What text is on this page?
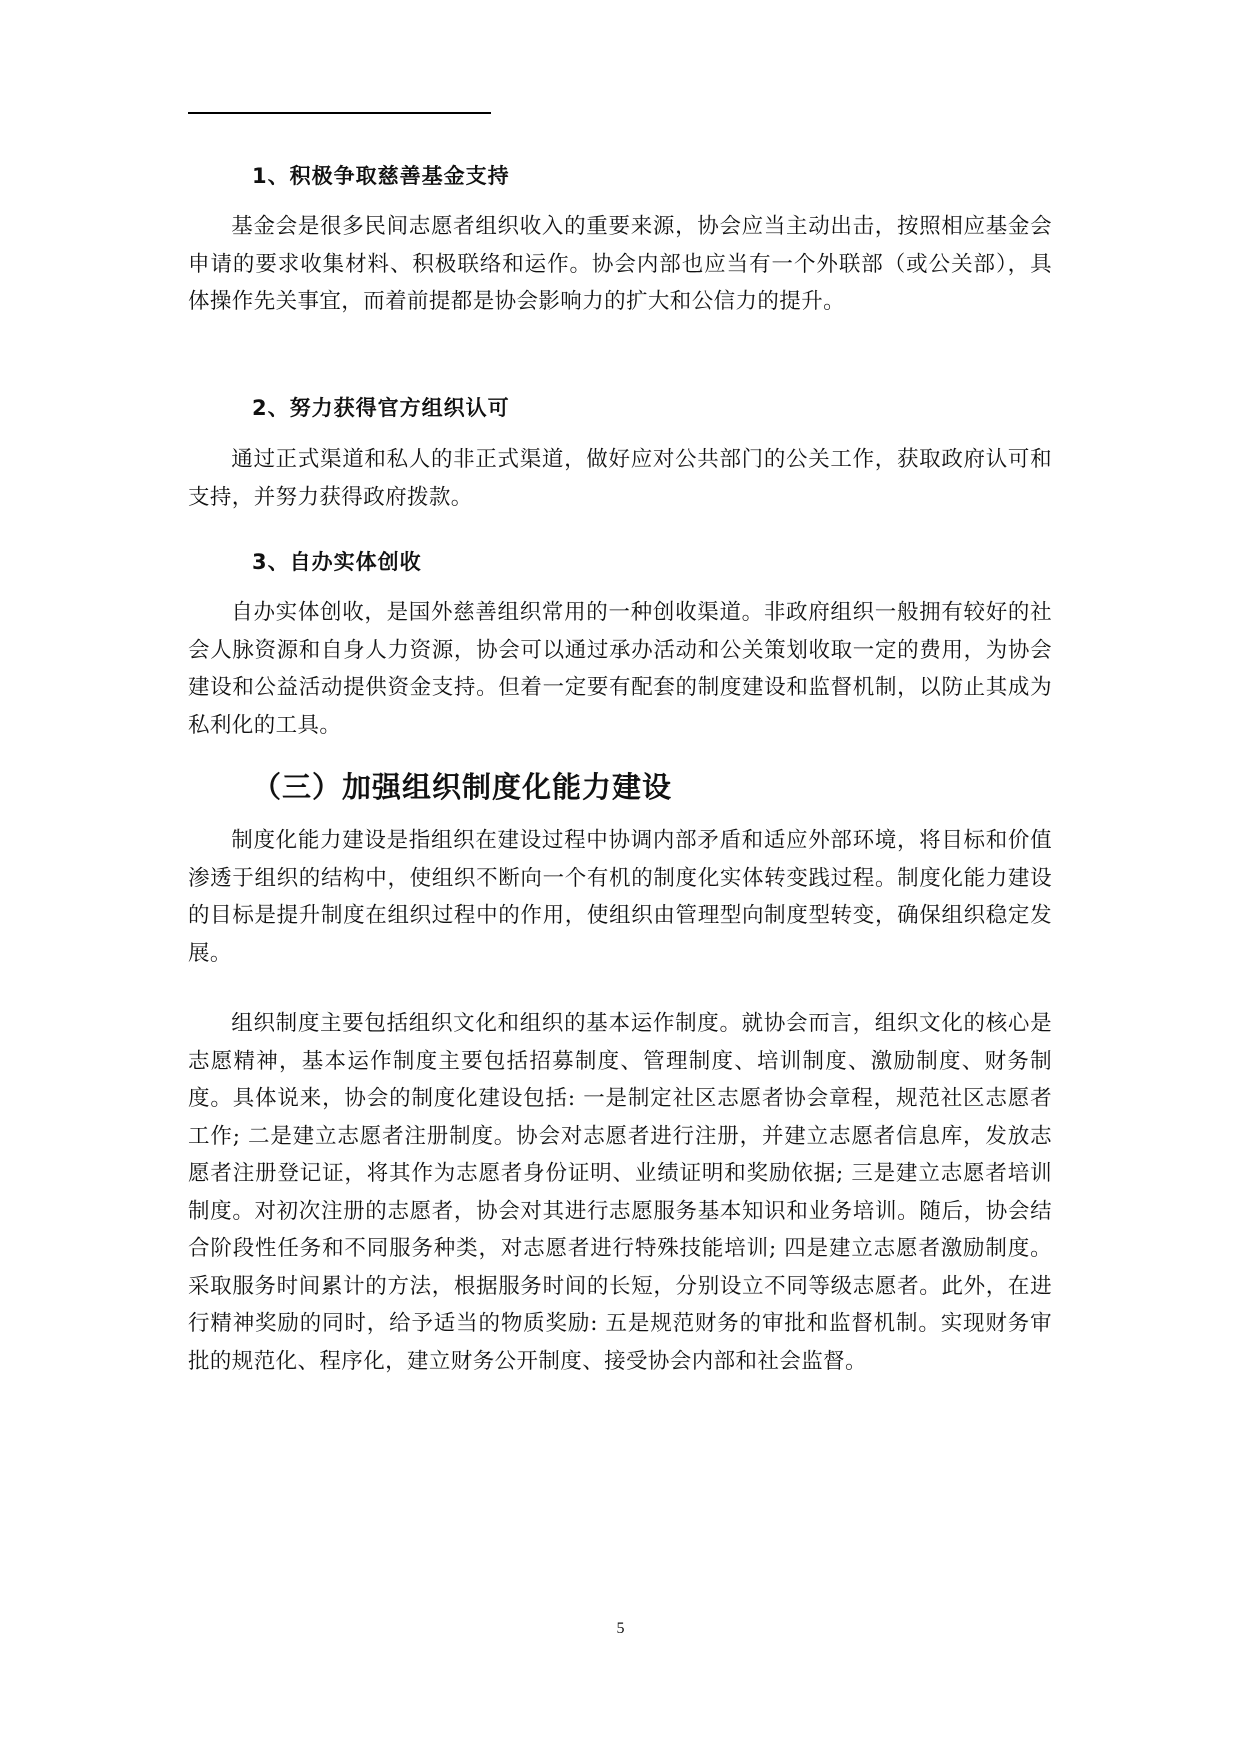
1、积极争取慈善基金支持
基金会是很多民间志愿者组织收入的重要来源，协会应当主动出击，按照相应基金会申请的要求收集材料、积极联络和运作。协会内部也应当有一个外联部（或公关部），具体操作先关事宜，而着前提都是协会影响力的扩大和公信力的提升。
2、努力获得官方组织认可
通过正式渠道和私人的非正式渠道，做好应对公共部门的公关工作，获取政府认可和支持，并努力获得政府拨款。
3、自办实体创收
自办实体创收，是国外慈善组织常用的一种创收渠道。非政府组织一般拥有较好的社会人脉资源和自身人力资源，协会可以通过承办活动和公关策划收取一定的费用，为协会建设和公益活动提供资金支持。但着一定要有配套的制度建设和监督机制，以防止其成为私利化的工具。
（三）加强组织制度化能力建设
制度化能力建设是指组织在建设过程中协调内部矛盾和适应外部环境，将目标和价值渗透于组织的结构中，使组织不断向一个有机的制度化实体转变践过程。制度化能力建设的目标是提升制度在组织过程中的作用，使组织由管理型向制度型转变，确保组织稳定发展。
组织制度主要包括组织文化和组织的基本运作制度。就协会而言，组织文化的核心是志愿精神，基本运作制度主要包括招募制度、管理制度、培训制度、激励制度、财务制度。具体说来，协会的制度化建设包括: 一是制定社区志愿者协会章程，规范社区志愿者工作; 二是建立志愿者注册制度。协会对志愿者进行注册，并建立志愿者信息库，发放志愿者注册登记证，将其作为志愿者身份证明、业绩证明和奖励依据; 三是建立志愿者培训制度。对初次注册的志愿者，协会对其进行志愿服务基本知识和业务培训。随后，协会结合阶段性任务和不同服务种类，对志愿者进行特殊技能培训; 四是建立志愿者激励制度。采取服务时间累计的方法，根据服务时间的长短，分别设立不同等级志愿者。此外，在进行精神奖励的同时，给予适当的物质奖励: 五是规范财务的审批和监督机制。实现财务审批的规范化、程序化，建立财务公开制度、接受协会内部和社会监督。
5
